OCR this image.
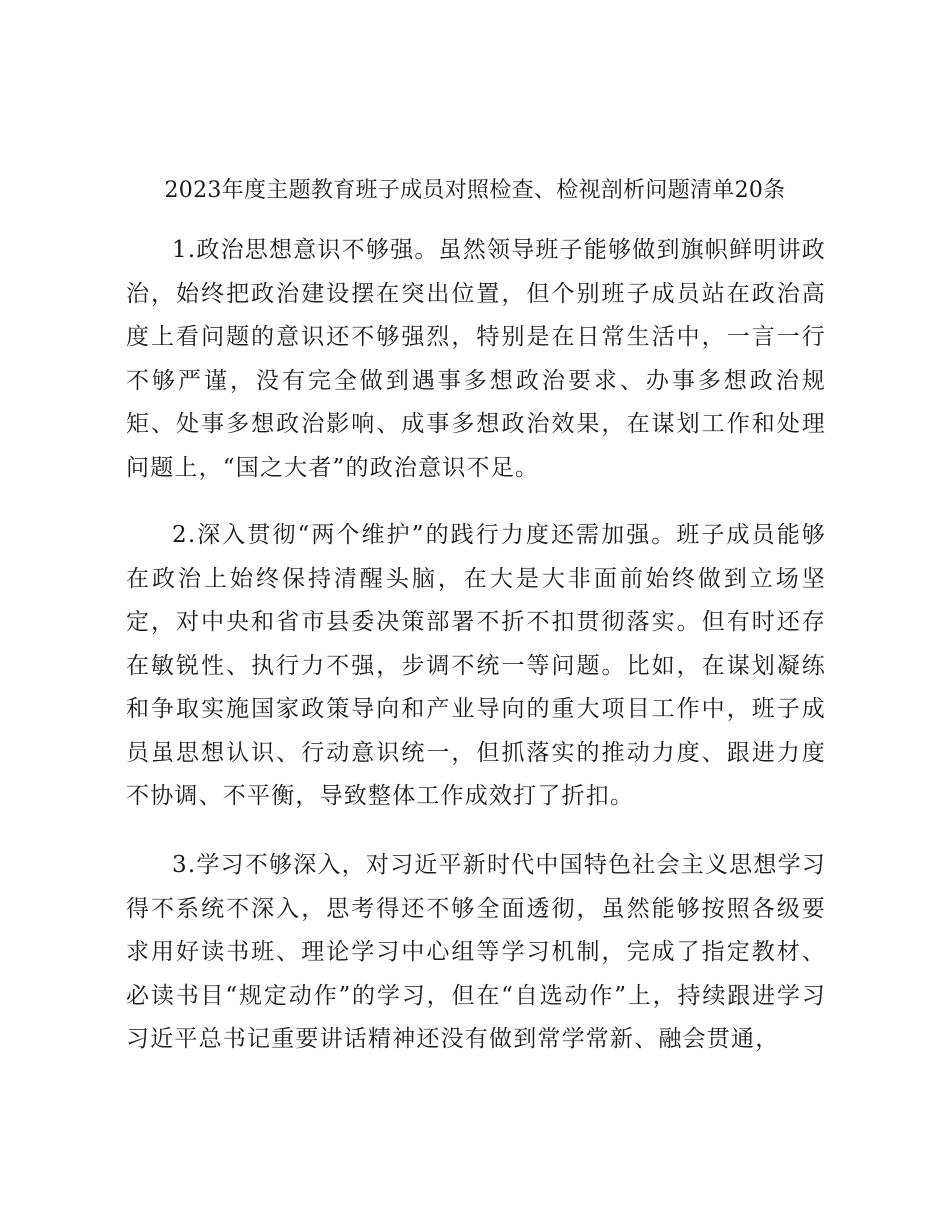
2023年度主题教育班子成员对照检查、检视剖析问题清单20条

1.政治思想意识不够强。虽然领导班子能够做到旗帜鲜明讲政治，始终把政治建设摆在突出位置，但个别班子成员站在政治高度上看问题的意识还不够强烈，特别是在日常生活中，一言一行不够严谨，没有完全做到遇事多想政治要求、办事多想政治规矩、处事多想政治影响、成事多想政治效果，在谋划工作和处理问题上，“国之大者”的政治意识不足。

2.深入贯彻“两个维护”的践行力度还需加强。班子成员能够在政治上始终保持清醒头脑，在大是大非面前始终做到立场坚定，对中央和省市县委决策部署不折不扣贯彻落实。但有时还存在敏锐性、执行力不强，步调不统一等问题。比如，在谋划凝练和争取实施国家政策导向和产业导向的重大项目工作中，班子成员虽思想认识、行动意识统一，但抓落实的推动力度、跟进力度不协调、不平衡，导致整体工作成效打了折扣。

3.学习不够深入，对习近平新时代中国特色社会主义思想学习得不系统不深入，思考得还不够全面透彻，虽然能够按照各级要求用好读书班、理论学习中心组等学习机制，完成了指定教材、必读书目“规定动作”的学习，但在“自选动作”上，持续跟进学习习近平总书记重要讲话精神还没有做到常学常新、融会贯通，
